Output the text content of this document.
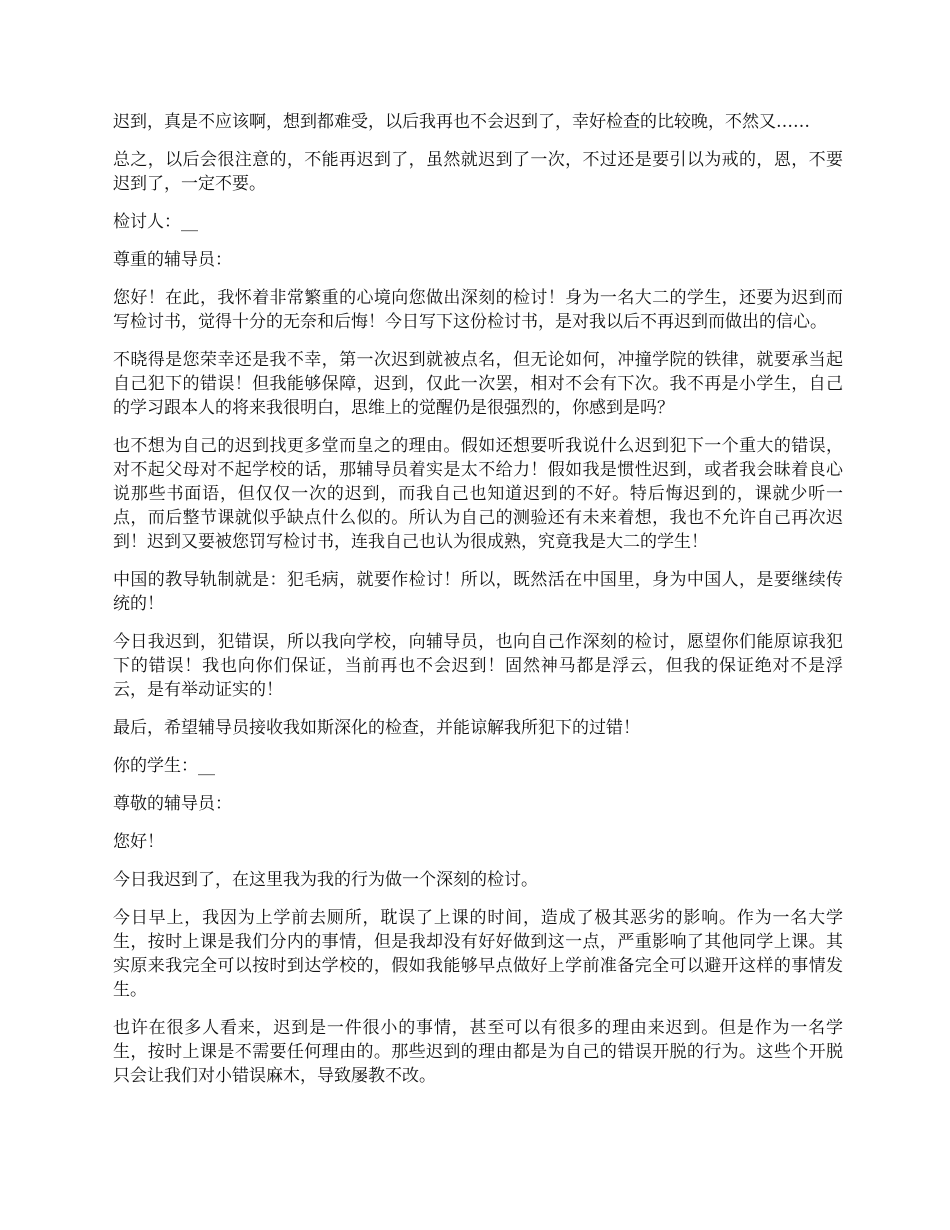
迟到，真是不应该啊，想到都难受，以后我再也不会迟到了，幸好检查的比较晚，不然又……

总之，以后会很注意的，不能再迟到了，虽然就迟到了一次，不过还是要引以为戒的，恩，不要迟到了，一定不要。

检讨人：__

尊重的辅导员：

您好！在此，我怀着非常繁重的心境向您做出深刻的检讨！身为一名大二的学生，还要为迟到而写检讨书，觉得十分的无奈和后悔！今日写下这份检讨书，是对我以后不再迟到而做出的信心。

不晓得是您荣幸还是我不幸，第一次迟到就被点名，但无论如何，冲撞学院的铁律，就要承当起自己犯下的错误！但我能够保障，迟到，仅此一次罢，相对不会有下次。我不再是小学生，自己的学习跟本人的将来我很明白，思维上的觉醒仍是很强烈的，你感到是吗？

也不想为自己的迟到找更多堂而皇之的理由。假如还想要听我说什么迟到犯下一个重大的错误，对不起父母对不起学校的话，那辅导员着实是太不给力！假如我是惯性迟到，或者我会昧着良心说那些书面语，但仅仅一次的迟到，而我自己也知道迟到的不好。特后悔迟到的，课就少听一点，而后整节课就似乎缺点什么似的。所认为自己的测验还有未来着想，我也不允许自己再次迟到！迟到又要被您罚写检讨书，连我自己也认为很成熟，究竟我是大二的学生！

中国的教导轨制就是：犯毛病，就要作检讨！所以，既然活在中国里，身为中国人，是要继续传统的！

今日我迟到，犯错误，所以我向学校，向辅导员，也向自己作深刻的检讨，愿望你们能原谅我犯下的错误！我也向你们保证，当前再也不会迟到！固然神马都是浮云，但我的保证绝对不是浮云，是有举动证实的！

最后，希望辅导员接收我如斯深化的检查，并能谅解我所犯下的过错！

你的学生：__

尊敬的辅导员：

您好！

今日我迟到了，在这里我为我的行为做一个深刻的检讨。

今日早上，我因为上学前去厕所，耽误了上课的时间，造成了极其恶劣的影响。作为一名大学生，按时上课是我们分内的事情，但是我却没有好好做到这一点，严重影响了其他同学上课。其实原来我完全可以按时到达学校的，假如我能够早点做好上学前准备完全可以避开这样的事情发生。

也许在很多人看来，迟到是一件很小的事情，甚至可以有很多的理由来迟到。但是作为一名学生，按时上课是不需要任何理由的。那些迟到的理由都是为自己的错误开脱的行为。这些个开脱只会让我们对小错误麻木，导致屡教不改。
